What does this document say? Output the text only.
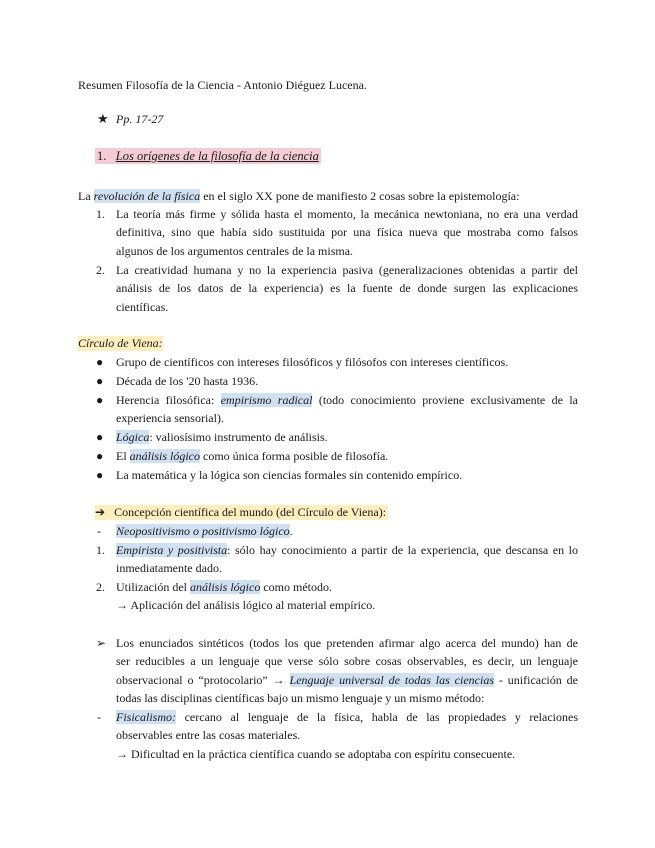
Resumen Filosofía de la Ciencia - Antonio Diéguez Lucena.
★ Pp. 17-27
1. Los orígenes de la filosofía de la ciencia
La revolución de la física en el siglo XX pone de manifiesto 2 cosas sobre la epistemología:
1. La teoría más firme y sólida hasta el momento, la mecánica newtoniana, no era una verdad
definitiva, sino que había sido sustituida por una física nueva que mostraba como falsos
algunos de los argumentos centrales de la misma.
2. La creatividad humana y no la experiencia pasiva (generalizaciones obtenidas a partir del
análisis de los datos de la experiencia) es la fuente de donde surgen las explicaciones
científicas.
Círculo de Viena:
●	Grupo de científicos con intereses filosóficos y filósofos con intereses científicos.
●	Década de los '20 hasta 1936.
●	Herencia filosófica: empirismo radical (todo conocimiento proviene exclusivamente de la
experiencia sensorial).
●	Lógica: valiosísimo instrumento de análisis.
●	El análisis lógico como única forma posible de filosofía.
●	La matemática y la lógica son ciencias formales sin contenido empírico.
➔ Concepción científica del mundo (del Círculo de Viena):
-	Neopositivismo o positivismo lógico.
1. Empirista y positivista: sólo hay conocimiento a partir de la experiencia, que descansa en lo
inmediatamente dado.
2. Utilización del análisis lógico como método.
→ Aplicación del análisis lógico al material empírico.
➢ Los enunciados sintéticos (todos los que pretenden afirmar algo acerca del mundo) han de
ser reducibles a un lenguaje que verse sólo sobre cosas observables, es decir, un lenguaje
observacional o “protocolario” → Lenguaje universal de todas las ciencias - unificación de
todas las disciplinas científicas bajo un mismo lenguaje y un mismo método:
-	Fisicalismo: cercano al lenguaje de la física, habla de las propiedades y relaciones
observables entre las cosas materiales.
→ Dificultad en la práctica científica cuando se adoptaba con espíritu consecuente.
